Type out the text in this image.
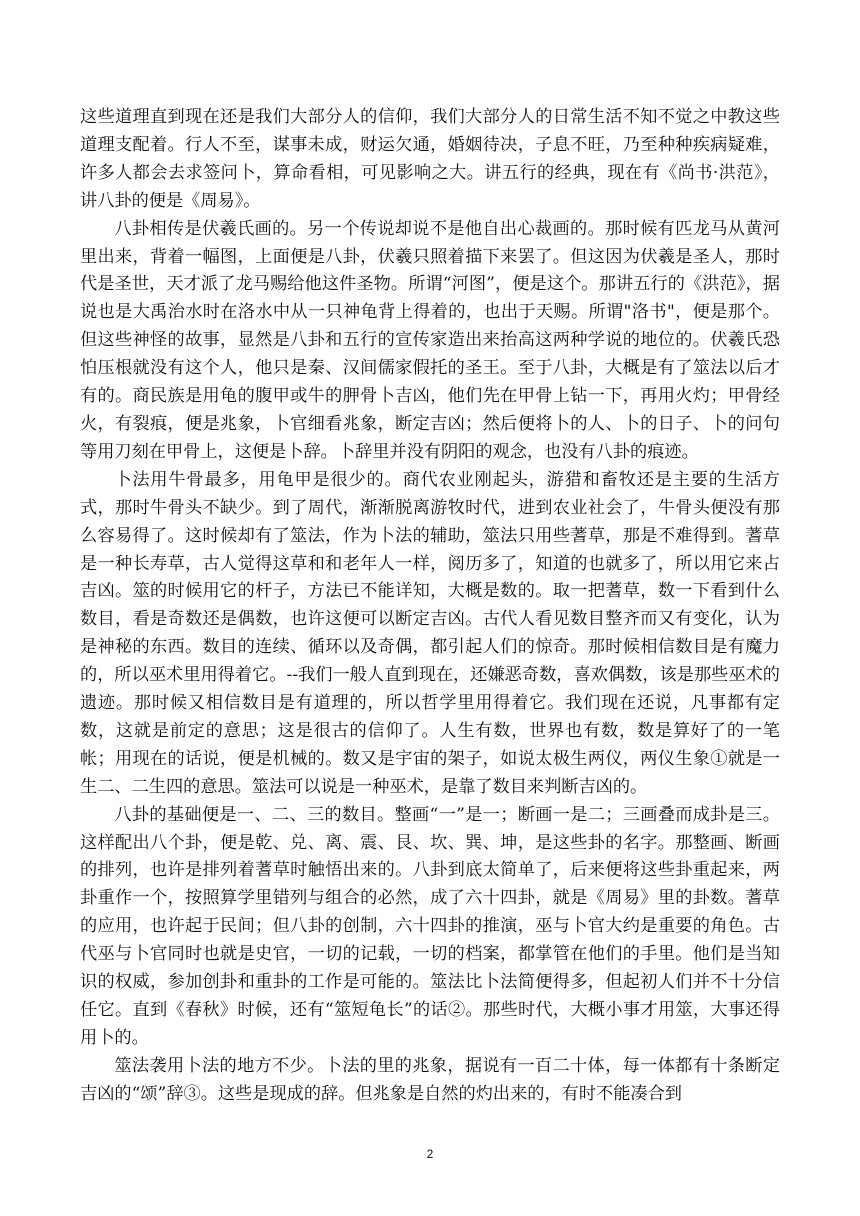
这些道理直到现在还是我们大部分人的信仰，我们大部分人的日常生活不知不觉之中教这些道理支配着。行人不至，谋事未成，财运欠通，婚姻待决，子息不旺，乃至种种疾病疑难，许多人都会去求签问卜，算命看相，可见影响之大。讲五行的经典，现在有《尚书·洪范》，讲八卦的便是《周易》。

八卦相传是伏羲氏画的。另一个传说却说不是他自出心裁画的。那时候有匹龙马从黄河里出来，背着一幅图，上面便是八卦，伏羲只照着描下来罢了。但这因为伏羲是圣人，那时代是圣世，天才派了龙马赐给他这件圣物。所谓“河图”，便是这个。那讲五行的《洪范》，据说也是大禹治水时在洛水中从一只神龟背上得着的，也出于天赐。所谓"洛书"，便是那个。但这些神怪的故事，显然是八卦和五行的宣传家造出来抬高这两种学说的地位的。伏羲氏恐怕压根就没有这个人，他只是秦、汉间儒家假托的圣王。至于八卦，大概是有了筮法以后才有的。商民族是用龟的腹甲或牛的胛骨卜吉凶，他们先在甲骨上钻一下，再用火灼；甲骨经火，有裂痕，便是兆象，卜官细看兆象，断定吉凶；然后便将卜的人、卜的日子、卜的问句等用刀刻在甲骨上，这便是卜辞。卜辞里并没有阴阳的观念，也没有八卦的痕迹。

卜法用牛骨最多，用龟甲是很少的。商代农业刚起头，游猎和畜牧还是主要的生活方式，那时牛骨头不缺少。到了周代，渐渐脱离游牧时代，进到农业社会了，牛骨头便没有那么容易得了。这时候却有了筮法，作为卜法的辅助，筮法只用些蓍草，那是不难得到。蓍草是一种长寿草，古人觉得这草和和老年人一样，阅历多了，知道的也就多了，所以用它来占吉凶。筮的时候用它的杆子，方法已不能详知，大概是数的。取一把蓍草，数一下看到什么数目，看是奇数还是偶数，也许这便可以断定吉凶。古代人看见数目整齐而又有变化，认为是神秘的东西。数目的连续、循环以及奇偶，都引起人们的惊奇。那时候相信数目是有魔力的，所以巫术里用得着它。--我们一般人直到现在，还嫌恶奇数，喜欢偶数，该是那些巫术的遗迹。那时候又相信数目是有道理的，所以哲学里用得着它。我们现在还说，凡事都有定数，这就是前定的意思；这是很古的信仰了。人生有数，世界也有数，数是算好了的一笔帐；用现在的话说，便是机械的。数又是宇宙的架子，如说太极生两仪，两仪生象①就是一生二、二生四的意思。筮法可以说是一种巫术，是靠了数目来判断吉凶的。

八卦的基础便是一、二、三的数目。整画“一”是一；断画一是二；三画叠而成卦是三。这样配出八个卦，便是乾、兑、离、震、艮、坎、巽、坤，是这些卦的名字。那整画、断画的排列，也许是排列着蓍草时触悟出来的。八卦到底太简单了，后来便将这些卦重起来，两卦重作一个，按照算学里错列与组合的必然，成了六十四卦，就是《周易》里的卦数。蓍草的应用，也许起于民间；但八卦的创制，六十四卦的推演，巫与卜官大约是重要的角色。古代巫与卜官同时也就是史官，一切的记载，一切的档案，都掌管在他们的手里。他们是当知识的权威，参加创卦和重卦的工作是可能的。筮法比卜法简便得多，但起初人们并不十分信任它。直到《春秋》时候，还有“筮短龟长”的话②。那些时代，大概小事才用筮，大事还得用卜的。

筮法袭用卜法的地方不少。卜法的里的兆象，据说有一百二十体，每一体都有十条断定吉凶的“颂”辞③。这些是现成的辞。但兆象是自然的灼出来的，有时不能凑合到

2
